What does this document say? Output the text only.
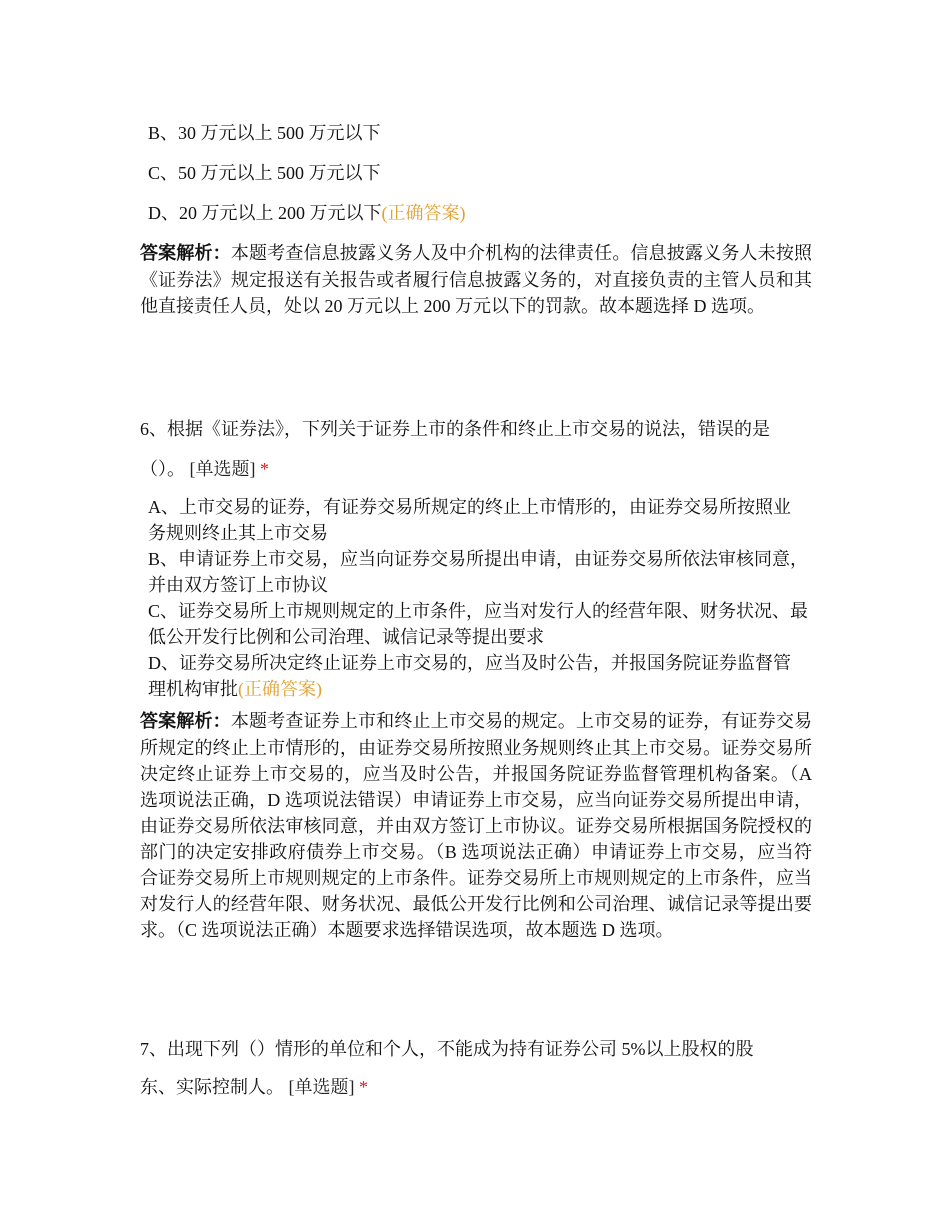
B、30 万元以上 500 万元以下
C、50 万元以上 500 万元以下
D、20 万元以上 200 万元以下(正确答案)
答案解析：本题考查信息披露义务人及中介机构的法律责任。信息披露义务人未按照《证券法》规定报送有关报告或者履行信息披露义务的，对直接负责的主管人员和其他直接责任人员，处以 20 万元以上 200 万元以下的罚款。故本题选择 D 选项。
6、根据《证券法》，下列关于证券上市的条件和终止上市交易的说法，错误的是
（）。 [单选题] *
A、上市交易的证券，有证券交易所规定的终止上市情形的，由证券交易所按照业务规则终止其上市交易
B、申请证券上市交易，应当向证券交易所提出申请，由证券交易所依法审核同意，并由双方签订上市协议
C、证券交易所上市规则规定的上市条件，应当对发行人的经营年限、财务状况、最低公开发行比例和公司治理、诚信记录等提出要求
D、证券交易所决定终止证券上市交易的，应当及时公告，并报国务院证券监督管理机构审批(正确答案)
答案解析：本题考查证券上市和终止上市交易的规定。上市交易的证券，有证券交易所规定的终止上市情形的，由证券交易所按照业务规则终止其上市交易。证券交易所决定终止证券上市交易的，应当及时公告，并报国务院证券监督管理机构备案。（A 选项说法正确，D 选项说法错误）申请证券上市交易，应当向证券交易所提出申请，由证券交易所依法审核同意，并由双方签订上市协议。证券交易所根据国务院授权的部门的决定安排政府债券上市交易。（B 选项说法正确）申请证券上市交易，应当符合证券交易所上市规则规定的上市条件。证券交易所上市规则规定的上市条件，应当对发行人的经营年限、财务状况、最低公开发行比例和公司治理、诚信记录等提出要求。（C 选项说法正确）本题要求选择错误选项，故本题选 D 选项。
7、出现下列（）情形的单位和个人，不能成为持有证券公司 5%以上股权的股
东、实际控制人。 [单选题] *
